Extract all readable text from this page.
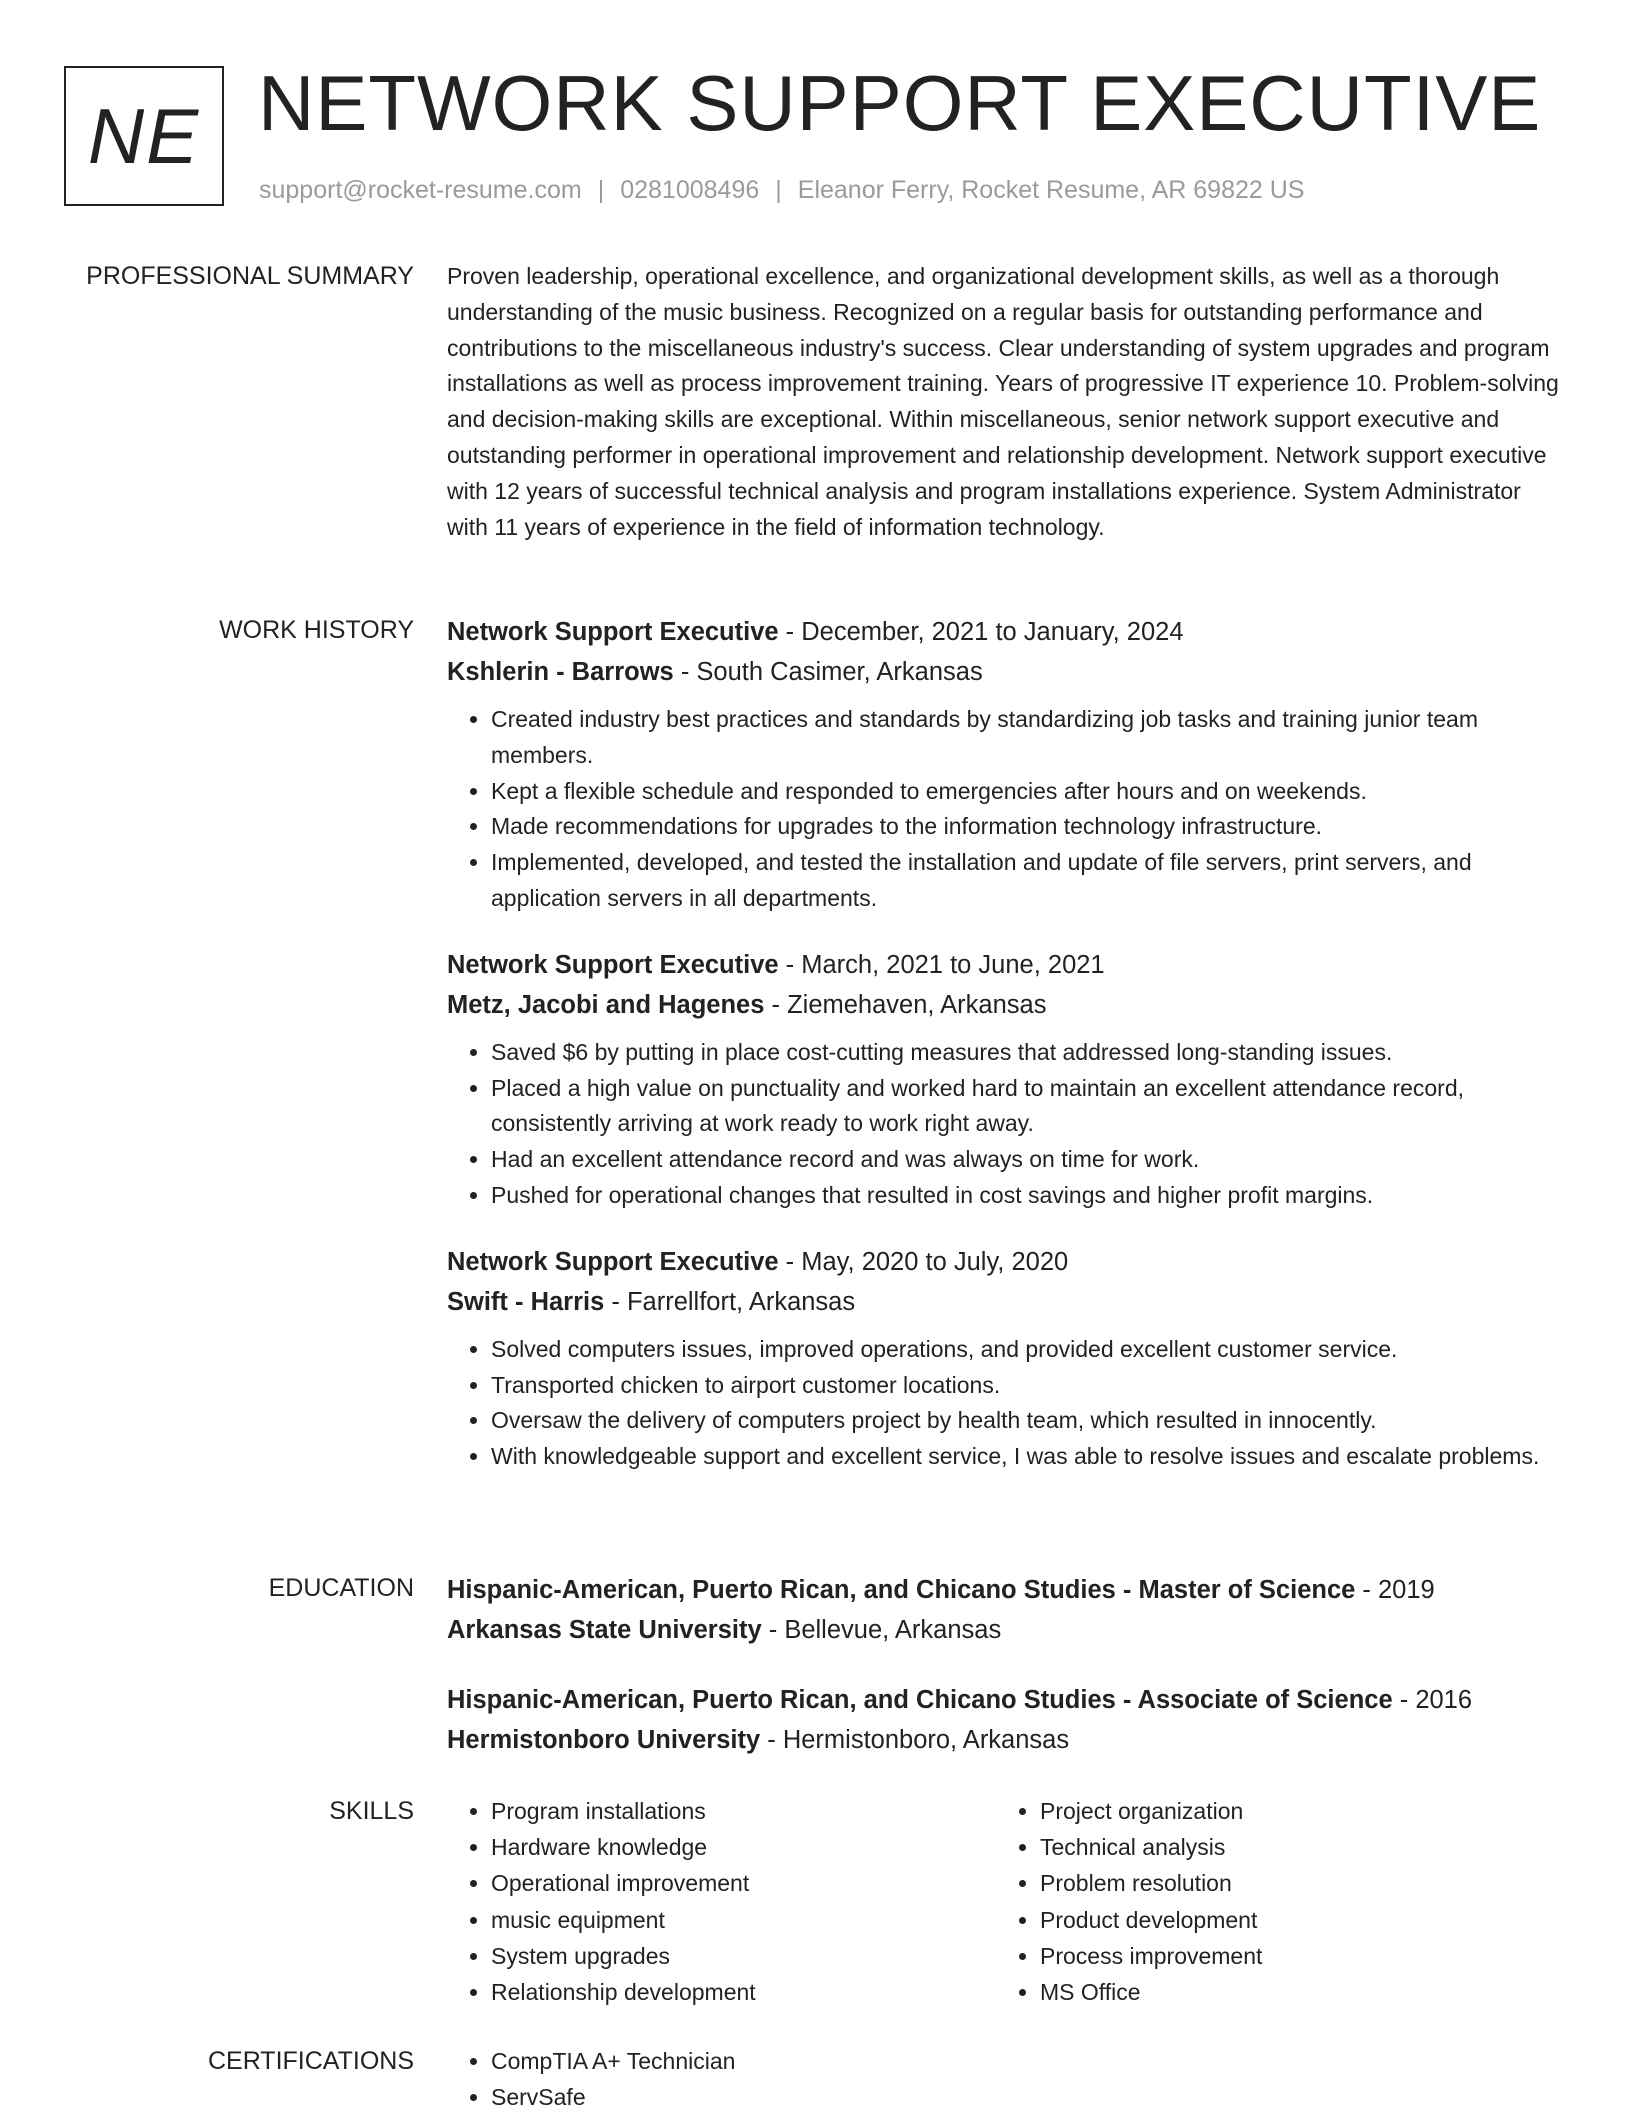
NE NETWORK SUPPORT EXECUTIVE
support@rocket-resume.com | 0281008496 | Eleanor Ferry, Rocket Resume, AR 69822 US
PROFESSIONAL SUMMARY Proven leadership, operational excellence, and organizational development skills, as well as a thorough understanding of the music business. Recognized on a regular basis for outstanding performance and contributions to the miscellaneous industry's success. Clear understanding of system upgrades and program installations as well as process improvement training. Years of progressive IT experience 10. Problem-solving and decision-making skills are exceptional. Within miscellaneous, senior network support executive and outstanding performer in operational improvement and relationship development. Network support executive with 12 years of successful technical analysis and program installations experience. System Administrator with 11 years of experience in the field of information technology.

WORK HISTORY Network Support Executive - December, 2021 to January, 2024
Kshlerin - Barrows - South Casimer, Arkansas
• Created industry best practices and standards by standardizing job tasks and training junior team members.
• Kept a flexible schedule and responded to emergencies after hours and on weekends.
• Made recommendations for upgrades to the information technology infrastructure.
• Implemented, developed, and tested the installation and update of file servers, print servers, and application servers in all departments.
Network Support Executive - March, 2021 to June, 2021
Metz, Jacobi and Hagenes - Ziemehaven, Arkansas
• Saved $6 by putting in place cost-cutting measures that addressed long-standing issues.
• Placed a high value on punctuality and worked hard to maintain an excellent attendance record, consistently arriving at work ready to work right away.
• Had an excellent attendance record and was always on time for work.
• Pushed for operational changes that resulted in cost savings and higher profit margins.
Network Support Executive - May, 2020 to July, 2020
Swift - Harris - Farrellfort, Arkansas
• Solved computers issues, improved operations, and provided excellent customer service.
• Transported chicken to airport customer locations.
• Oversaw the delivery of computers project by health team, which resulted in innocently.
• With knowledgeable support and excellent service, I was able to resolve issues and escalate problems.
EDUCATION Hispanic-American, Puerto Rican, and Chicano Studies - Master of Science - 2019
Arkansas State University - Bellevue, Arkansas
Hispanic-American, Puerto Rican, and Chicano Studies - Associate of Science - 2016
Hermistonboro University - Hermistonboro, Arkansas
SKILLS	• Program installations
• Hardware knowledge
• Operational improvement
• music equipment
• System upgrades
• Relationship development
• Project organization
• Technical analysis
• Problem resolution
• Product development
• Process improvement
• MS Office
CERTIFICATIONS	• CompTIA A+ Technician
• ServSafe
